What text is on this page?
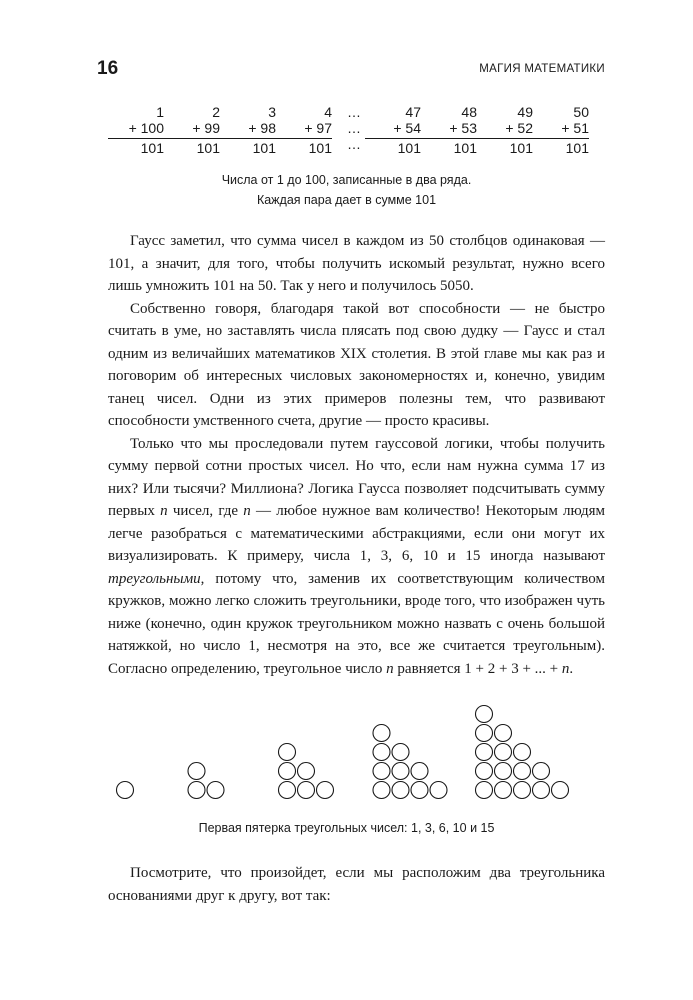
16	МАГИЯ МАТЕМАТИКИ
1
+ 100
101
2
+ 99
101
3
+ 98
101
4
+ 97
101
…
…
…
47
+ 54
101
48
+ 53
101
49
+ 52
101
50
+ 51
101
Числа от 1 до 100, записанные в два ряда.
Каждая пара дает в сумме 101

Гаусс заметил, что сумма чисел в каждом из 50 столбцов одинаковая — 101, а значит, для того, чтобы получить искомый результат, нужно всего лишь умножить 101 на 50. Так у него и получилось 5050.

Собственно говоря, благодаря такой вот способности — не быстро считать в уме, но заставлять числа плясать под свою дудку — Гаусс и стал одним из величайших математиков XIX столетия. В этой главе мы как раз и поговорим об интересных числовых закономерностях и, конечно, увидим танец чисел. Одни из этих примеров полезны тем, что развивают способности умственного счета, другие — просто красивы.

Только что мы проследовали путем гауссовой логики, чтобы получить сумму первой сотни простых чисел. Но что, если нам нужна сумма 17 из них? Или тысячи? Миллиона? Логика Гаусса позволяет подсчитывать сумму первых n чисел, где n — любое нужное вам количество! Некоторым людям легче разобраться с математическими абстракциями, если они могут их визуализировать. К примеру, числа 1, 3, 6, 10 и 15 иногда называют треугольными, потому что, заменив их соответствующим количеством кружков, можно легко сложить треугольники, вроде того, что изображен чуть ниже (конечно, один кружок треугольником можно назвать с очень большой натяжкой, но число 1, несмотря на это, все же считается треугольным). Согласно определению, треугольное число n равняется 1 + 2 + 3 + ... + n.

Первая пятерка треугольных чисел: 1, 3, 6, 10 и 15

Посмотрите, что произойдет, если мы расположим два треугольника основаниями друг к другу, вот так:
